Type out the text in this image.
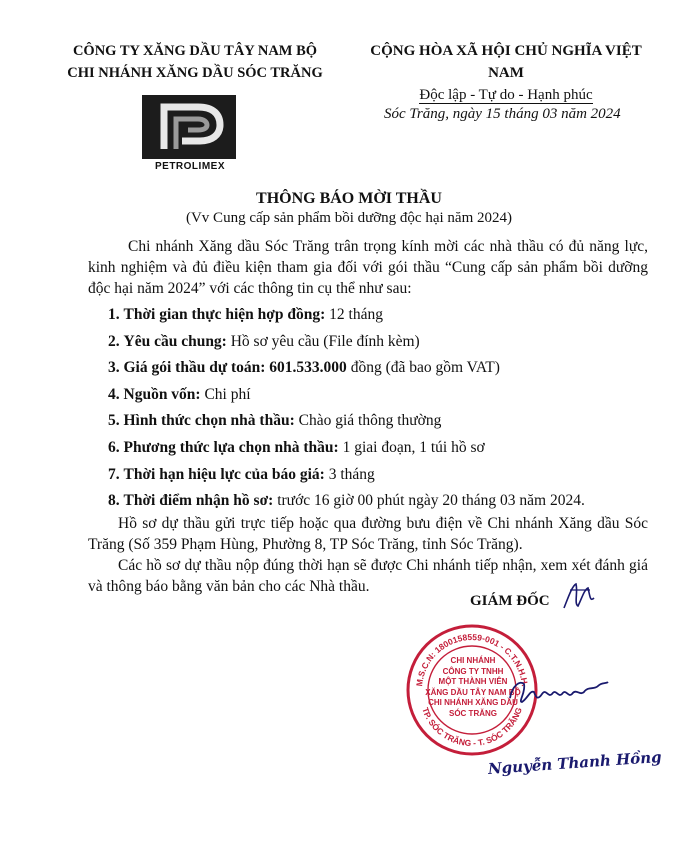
CÔNG TY XĂNG DẦU TÂY NAM BỘ
CHI NHÁNH XĂNG DẦU SÓC TRĂNG
CỘNG HÒA XÃ HỘI CHỦ NGHĨA VIỆT NAM
Độc lập - Tự do - Hạnh phúc
Sóc Trăng, ngày 15 tháng 03 năm 2024
PETROLIMEX
THÔNG BÁO MỜI THẦU
(Vv Cung cấp sản phẩm bồi dưỡng độc hại năm 2024)
Chi nhánh Xăng dầu Sóc Trăng trân trọng kính mời các nhà thầu có đủ năng lực, kinh nghiệm và đủ điều kiện tham gia đối với gói thầu “Cung cấp sản phẩm bồi dưỡng độc hại năm 2024” với các thông tin cụ thể như sau:
1. Thời gian thực hiện hợp đồng: 12 tháng
2. Yêu cầu chung: Hồ sơ yêu cầu (File đính kèm)
3. Giá gói thầu dự toán: 601.533.000 đồng (đã bao gồm VAT)
4. Nguồn vốn: Chi phí
5. Hình thức chọn nhà thầu: Chào giá thông thường
6. Phương thức lựa chọn nhà thầu: 1 giai đoạn, 1 túi hồ sơ
7. Thời hạn hiệu lực của báo giá: 3 tháng
8. Thời điểm nhận hồ sơ: trước 16 giờ 00 phút ngày 20 tháng 03 năm 2024.

Hồ sơ dự thầu gửi trực tiếp hoặc qua đường bưu điện về Chi nhánh Xăng dầu Sóc Trăng (Số 359 Phạm Hùng, Phường 8, TP Sóc Trăng, tỉnh Sóc Trăng).

Các hồ sơ dự thầu nộp đúng thời hạn sẽ được Chi nhánh tiếp nhận, xem xét đánh giá và thông báo bằng văn bản cho các Nhà thầu.

GIÁM ĐỐC
M.S.C.N: 1800158559-001 - C.T.N.H.H.
TP. SÓC TRĂNG - T. SÓC TRĂNG
CHI NHÁNH
CÔNG TY TNHH
MỘT THÀNH VIÊN
XĂNG DẦU TÂY NAM BỘ
CHI NHÁNH XĂNG DẦU
SÓC TRĂNG
Nguyễn Thanh Hồng
